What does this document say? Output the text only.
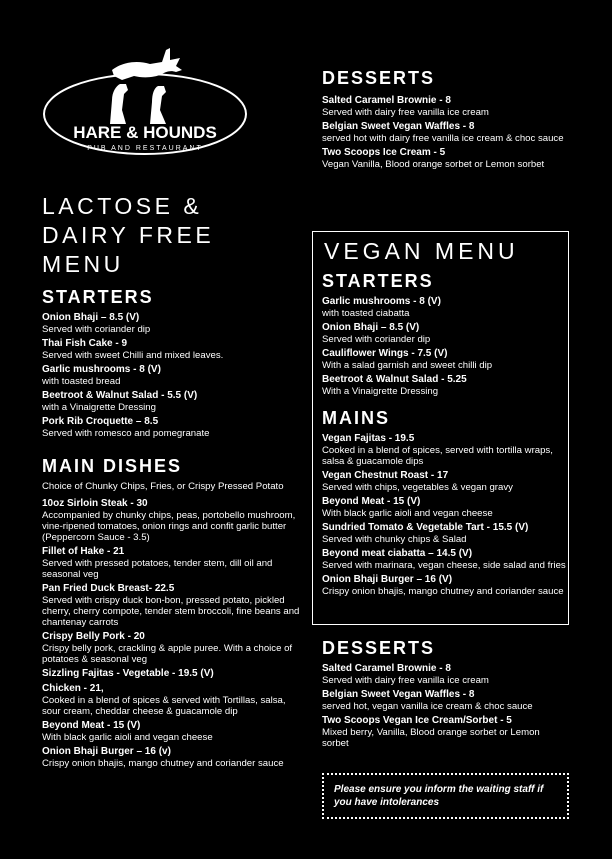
HARE & HOUNDS
PUB AND RESTAURANT
LACTOSE &
DAIRY FREE
MENU
STARTERS
Onion Bhaji – 8.5 (V)
Served with coriander dip
Thai Fish Cake - 9
Served with sweet Chilli and mixed leaves.
Garlic mushrooms - 8 (V)
with toasted bread
Beetroot & Walnut Salad - 5.5 (V)
with a Vinaigrette Dressing
Pork Rib Croquette – 8.5
Served with romesco and pomegranate
MAIN DISHES
Choice of Chunky Chips, Fries, or Crispy Pressed Potato
10oz Sirloin Steak - 30
Accompanied by chunky chips, peas, portobello mushroom, vine-ripened tomatoes, onion rings and confit garlic butter (Peppercorn Sauce - 3.5)
Fillet of Hake - 21
Served with pressed potatoes, tender stem, dill oil and seasonal veg
Pan Fried Duck Breast- 22.5
Served with crispy duck bon-bon, pressed potato, pickled cherry, cherry compote, tender stem broccoli, fine beans and chantenay carrots
Crispy Belly Pork - 20
Crispy belly pork, crackling & apple puree. With a choice of potatoes & seasonal veg
Sizzling Fajitas - Vegetable - 19.5 (V)
Chicken - 21,
Cooked in a blend of spices & served with Tortillas, salsa, sour cream, cheddar cheese & guacamole dip
Beyond Meat - 15 (V)
With black garlic aioli and vegan cheese
Onion Bhaji Burger – 16 (v)
Crispy onion bhajis, mango chutney and coriander sauce
DESSERTS
Salted Caramel Brownie - 8
Served with dairy free vanilla ice cream
Belgian Sweet Vegan Waffles - 8
served hot with dairy free vanilla ice cream & choc sauce
Two Scoops Ice Cream - 5
Vegan Vanilla, Blood orange sorbet or Lemon sorbet
VEGAN MENU
STARTERS
Garlic mushrooms - 8 (V)
with toasted ciabatta
Onion Bhaji – 8.5 (V)
Served with coriander dip
Cauliflower Wings - 7.5 (V)
With a salad garnish and sweet chilli dip
Beetroot & Walnut Salad - 5.25
With a Vinaigrette Dressing
MAINS
Vegan Fajitas - 19.5
Cooked in a blend of spices, served with tortilla wraps, salsa & guacamole dips
Vegan Chestnut Roast - 17
Served with chips, vegetables & vegan gravy
Beyond Meat - 15 (V)
With black garlic aioli and vegan cheese
Sundried Tomato & Vegetable Tart - 15.5 (V)
Served with chunky chips & Salad
Beyond meat ciabatta – 14.5 (V)
Served with marinara, vegan cheese, side salad and fries
Onion Bhaji Burger – 16 (V)
Crispy onion bhajis, mango chutney and coriander sauce
DESSERTS
Salted Caramel Brownie - 8
Served with dairy free vanilla ice cream
Belgian Sweet Vegan Waffles - 8
served hot, vegan vanilla ice cream & choc sauce
Two Scoops Vegan Ice Cream/Sorbet - 5
Mixed berry, Vanilla, Blood orange sorbet or Lemon sorbet
Please ensure you inform the waiting staff if you have intolerances
